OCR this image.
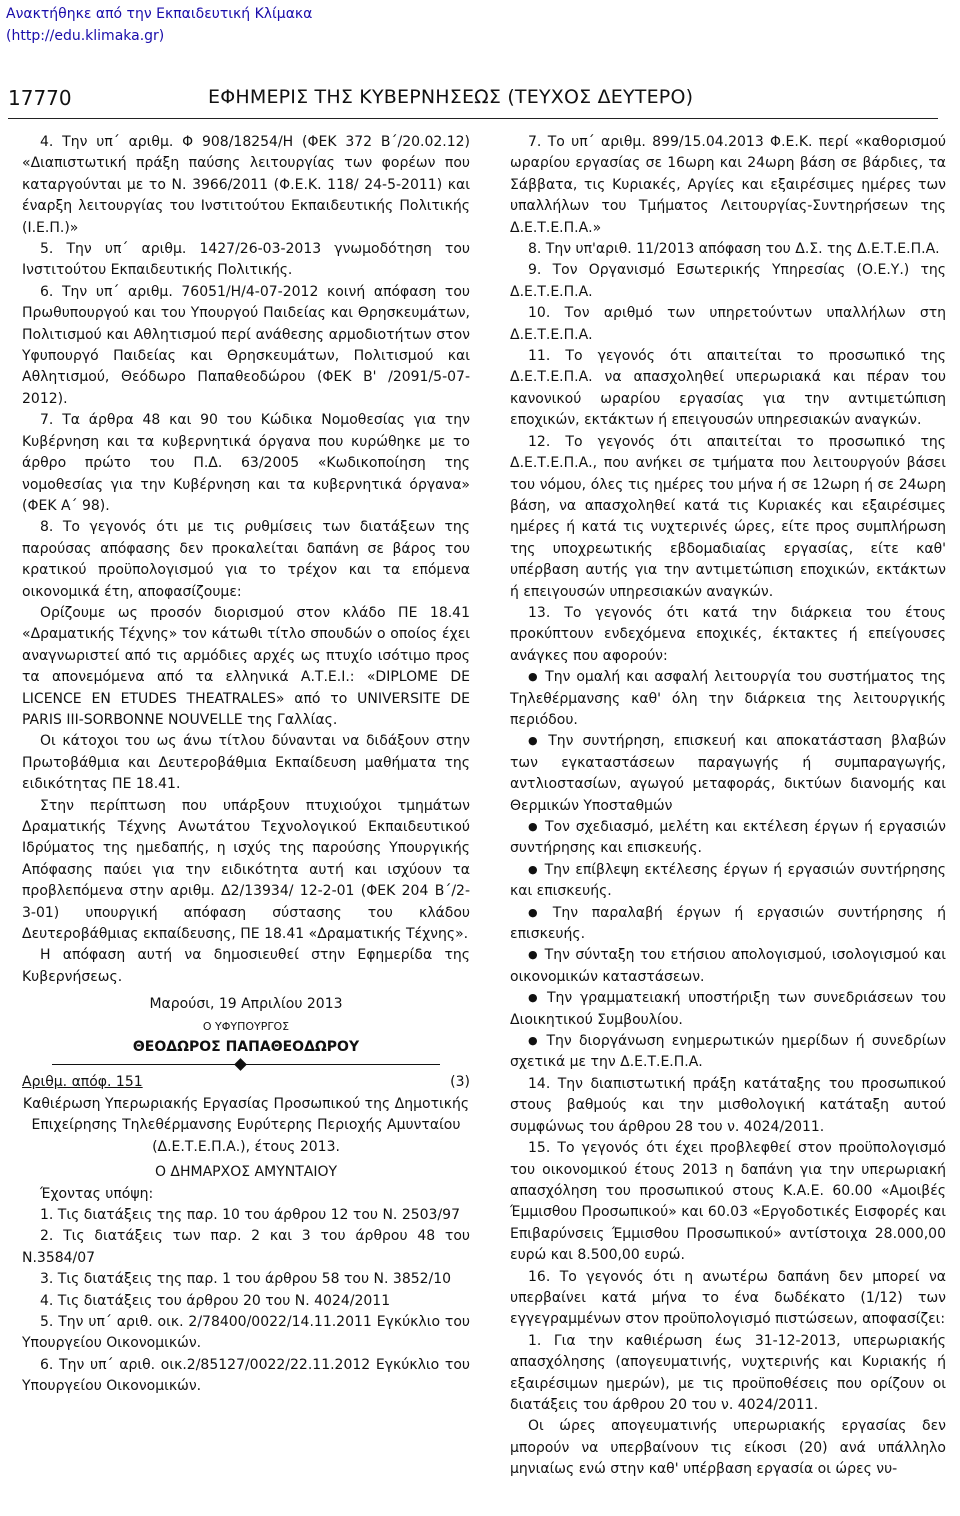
Ανακτήθηκε από την Εκπαιδευτική Κλίμακα
(http://edu.klimaka.gr)
17770	ΕΦΗΜΕΡΙΣ ΤΗΣ ΚΥΒΕΡΝΗΣΕΩΣ (ΤΕΥΧΟΣ ΔΕΥΤΕΡΟ)

4. Την υπ΄ αριθμ. Φ 908/18254/Η (ΦΕΚ 372 Β΄/20.02.12) «Διαπιστωτική πράξη παύσης λειτουργίας των φορέων που καταργούνται με το Ν. 3966/2011 (Φ.Ε.Κ. 118/ 24-5-2011) και έναρξη λειτουργίας του Ινστιτούτου Εκπαιδευτικής Πολιτικής (Ι.Ε.Π.)»

5. Την υπ΄ αριθμ. 1427/26-03-2013 γνωμοδότηση του Ινστιτούτου Εκπαιδευτικής Πολιτικής.

6. Την υπ΄ αριθμ. 76051/Η/4-07-2012 κοινή απόφαση του Πρωθυπουργού και του Υπουργού Παιδείας και Θρησκευμάτων, Πολιτισμού και Αθλητισμού περί ανάθεσης αρμοδιοτήτων στον Υφυπουργό Παιδείας και Θρησκευμάτων, Πολιτισμού και Αθλητισμού, Θεόδωρο Παπαθεοδώρου (ΦΕΚ Β' /2091/5-07-2012).

7. Τα άρθρα 48 και 90 του Κώδικα Νομοθεσίας για την Κυβέρνηση και τα κυβερνητικά όργανα που κυρώθηκε με το άρθρο πρώτο του Π.Δ. 63/2005 «Κωδικοποίηση της νομοθεσίας για την Κυβέρνηση και τα κυβερνητικά όργανα» (ΦΕΚ Α΄ 98).

8. Το γεγονός ότι με τις ρυθμίσεις των διατάξεων της παρούσας απόφασης δεν προκαλείται δαπάνη σε βάρος του κρατικού προϋπολογισμού για το τρέχον και τα επόμενα οικονομικά έτη, αποφασίζουμε:

Ορίζουμε ως προσόν διορισμού στον κλάδο ΠΕ 18.41 «Δραματικής Τέχνης» τον κάτωθι τίτλο σπουδών ο οποίος έχει αναγνωριστεί από τις αρμόδιες αρχές ως πτυχίο ισότιμο προς τα απονεμόμενα από τα ελληνικά Α.Τ.Ε.Ι.: «DIPLOME DE LICENCE EN ETUDES THEATRALES» από το UNIVERSITE DE PARIS III-SORBONNE NOUVELLE της Γαλλίας.

Οι κάτοχοι του ως άνω τίτλου δύνανται να διδάξουν στην Πρωτοβάθμια και Δευτεροβάθμια Εκπαίδευση μαθήματα της ειδικότητας ΠΕ 18.41.

Στην περίπτωση που υπάρξουν πτυχιούχοι τμημάτων Δραματικής Τέχνης Ανωτάτου Τεχνολογικού Εκπαιδευτικού Ιδρύματος της ημεδαπής, η ισχύς της παρούσης Υπουργικής Απόφασης παύει για την ειδικότητα αυτή και ισχύουν τα προβλεπόμενα στην αριθμ. Δ2/13934/ 12-2-01 (ΦΕΚ 204 Β΄/2-3-01) υπουργική απόφαση σύστασης του κλάδου Δευτεροβάθμιας εκπαίδευσης, ΠΕ 18.41 «Δραματικής Τέχνης».

Η απόφαση αυτή να δημοσιευθεί στην Εφημερίδα της Κυβερνήσεως.

Μαρούσι, 19 Απριλίου 2013

Ο ΥΦΥΠΟΥΡΓΟΣ

ΘΕΟΔΩΡΟΣ ΠΑΠΑΘΕΟΔΩΡΟΥ

Αριθμ. απόφ. 151	(3)

Καθιέρωση Υπερωριακής Εργασίας Προσωπικού της Δημοτικής Επιχείρησης Τηλεθέρμανσης Ευρύτερης Περιοχής Αμυνταίου (Δ.Ε.Τ.Ε.Π.Α.), έτους 2013.

Ο ΔΗΜΑΡΧΟΣ ΑΜΥΝΤΑΙΟΥ

Έχοντας υπόψη:

1. Τις διατάξεις της παρ. 10 του άρθρου 12 του Ν. 2503/97

2. Τις διατάξεις των παρ. 2 και 3 του άρθρου 48 του Ν.3584/07

3. Τις διατάξεις της παρ. 1 του άρθρου 58 του Ν. 3852/10

4. Τις διατάξεις του άρθρου 20 του Ν. 4024/2011

5. Την υπ΄ αριθ. οικ. 2/78400/0022/14.11.2011 Εγκύκλιο του Υπουργείου Οικονομικών.

6. Την υπ΄ αριθ. οικ.2/85127/0022/22.11.2012 Εγκύκλιο του Υπουργείου Οικονομικών.

7. Το υπ΄ αριθμ. 899/15.04.2013 Φ.Ε.Κ. περί «καθορισμού ωραρίου εργασίας σε 16ωρη και 24ωρη βάση σε βάρδιες, τα Σάββατα, τις Κυριακές, Αργίες και εξαιρέσιμες ημέρες των υπαλλήλων του Τμήματος Λειτουργίας-Συντηρήσεων της Δ.Ε.Τ.Ε.Π.Α.»

8. Την υπ'αριθ. 11/2013 απόφαση του Δ.Σ. της Δ.Ε.Τ.Ε.Π.Α.

9. Τον Οργανισμό Εσωτερικής Υπηρεσίας (Ο.Ε.Υ.) της Δ.Ε.Τ.Ε.Π.Α.

10. Τον αριθμό των υπηρετούντων υπαλλήλων στη Δ.Ε.Τ.Ε.Π.Α.

11. Το γεγονός ότι απαιτείται το προσωπικό της Δ.Ε.Τ.Ε.Π.Α. να απασχοληθεί υπερωριακά και πέραν του κανονικού ωραρίου εργασίας για την αντιμετώπιση εποχικών, εκτάκτων ή επειγουσών υπηρεσιακών αναγκών.

12. Το γεγονός ότι απαιτείται το προσωπικό της Δ.Ε.Τ.Ε.Π.Α., που ανήκει σε τμήματα που λειτουργούν βάσει του νόμου, όλες τις ημέρες του μήνα ή σε 12ωρη ή σε 24ωρη βάση, να απασχοληθεί κατά τις Κυριακές και εξαιρέσιμες ημέρες ή κατά τις νυχτερινές ώρες, είτε προς συμπλήρωση της υποχρεωτικής εβδομαδιαίας εργασίας, είτε καθ' υπέρβαση αυτής για την αντιμετώπιση εποχικών, εκτάκτων ή επειγουσών υπηρεσιακών αναγκών.

13. Το γεγονός ότι κατά την διάρκεια του έτους προκύπτουν ενδεχόμενα εποχικές, έκτακτες ή επείγουσες ανάγκες που αφορούν:

● Την ομαλή και ασφαλή λειτουργία του συστήματος της Τηλεθέρμανσης καθ' όλη την διάρκεια της λειτουργικής περιόδου.

● Την συντήρηση, επισκευή και αποκατάσταση βλαβών των εγκαταστάσεων παραγωγής ή συμπαραγωγής, αντλιοστασίων, αγωγού μεταφοράς, δικτύων διανομής και Θερμικών Υποσταθμών

● Τον σχεδιασμό, μελέτη και εκτέλεση έργων ή εργασιών συντήρησης και επισκευής.

● Την επίβλεψη εκτέλεσης έργων ή εργασιών συντήρησης και επισκευής.

● Την παραλαβή έργων ή εργασιών συντήρησης ή επισκευής.

● Την σύνταξη του ετήσιου απολογισμού, ισολογισμού και οικονομικών καταστάσεων.

● Την γραμματειακή υποστήριξη των συνεδριάσεων του Διοικητικού Συμβουλίου.

● Την διοργάνωση ενημερωτικών ημερίδων ή συνεδρίων σχετικά με την Δ.Ε.Τ.Ε.Π.Α.

14. Την διαπιστωτική πράξη κατάταξης του προσωπικού στους βαθμούς και την μισθολογική κατάταξη αυτού συμφώνως του άρθρου 28 του ν. 4024/2011.

15. Το γεγονός ότι έχει προβλεφθεί στον προϋπολογισμό του οικονομικού έτους 2013 η δαπάνη για την υπερωριακή απασχόληση του προσωπικού στους Κ.Α.Ε. 60.00 «Αμοιβές Έμμισθου Προσωπικού» και 60.03 «Εργοδοτικές Εισφορές και Επιβαρύνσεις Έμμισθου Προσωπικού» αντίστοιχα 28.000,00 ευρώ και 8.500,00 ευρώ.

16. Το γεγονός ότι η ανωτέρω δαπάνη δεν μπορεί να υπερβαίνει κατά μήνα το ένα δωδέκατο (1/12) των εγγεγραμμένων στον προϋπολογισμό πιστώσεων, αποφασίζει:

1. Για την καθιέρωση έως 31-12-2013, υπερωριακής απασχόλησης (απογευματινής, νυχτερινής και Κυριακής ή εξαιρέσιμων ημερών), με τις προϋποθέσεις που ορίζουν οι διατάξεις του άρθρου 20 του ν. 4024/2011.

Οι ώρες απογευματινής υπερωριακής εργασίας δεν μπορούν να υπερβαίνουν τις είκοσι (20) ανά υπάλληλο μηνιαίως ενώ στην καθ' υπέρβαση εργασία οι ώρες νυ-
